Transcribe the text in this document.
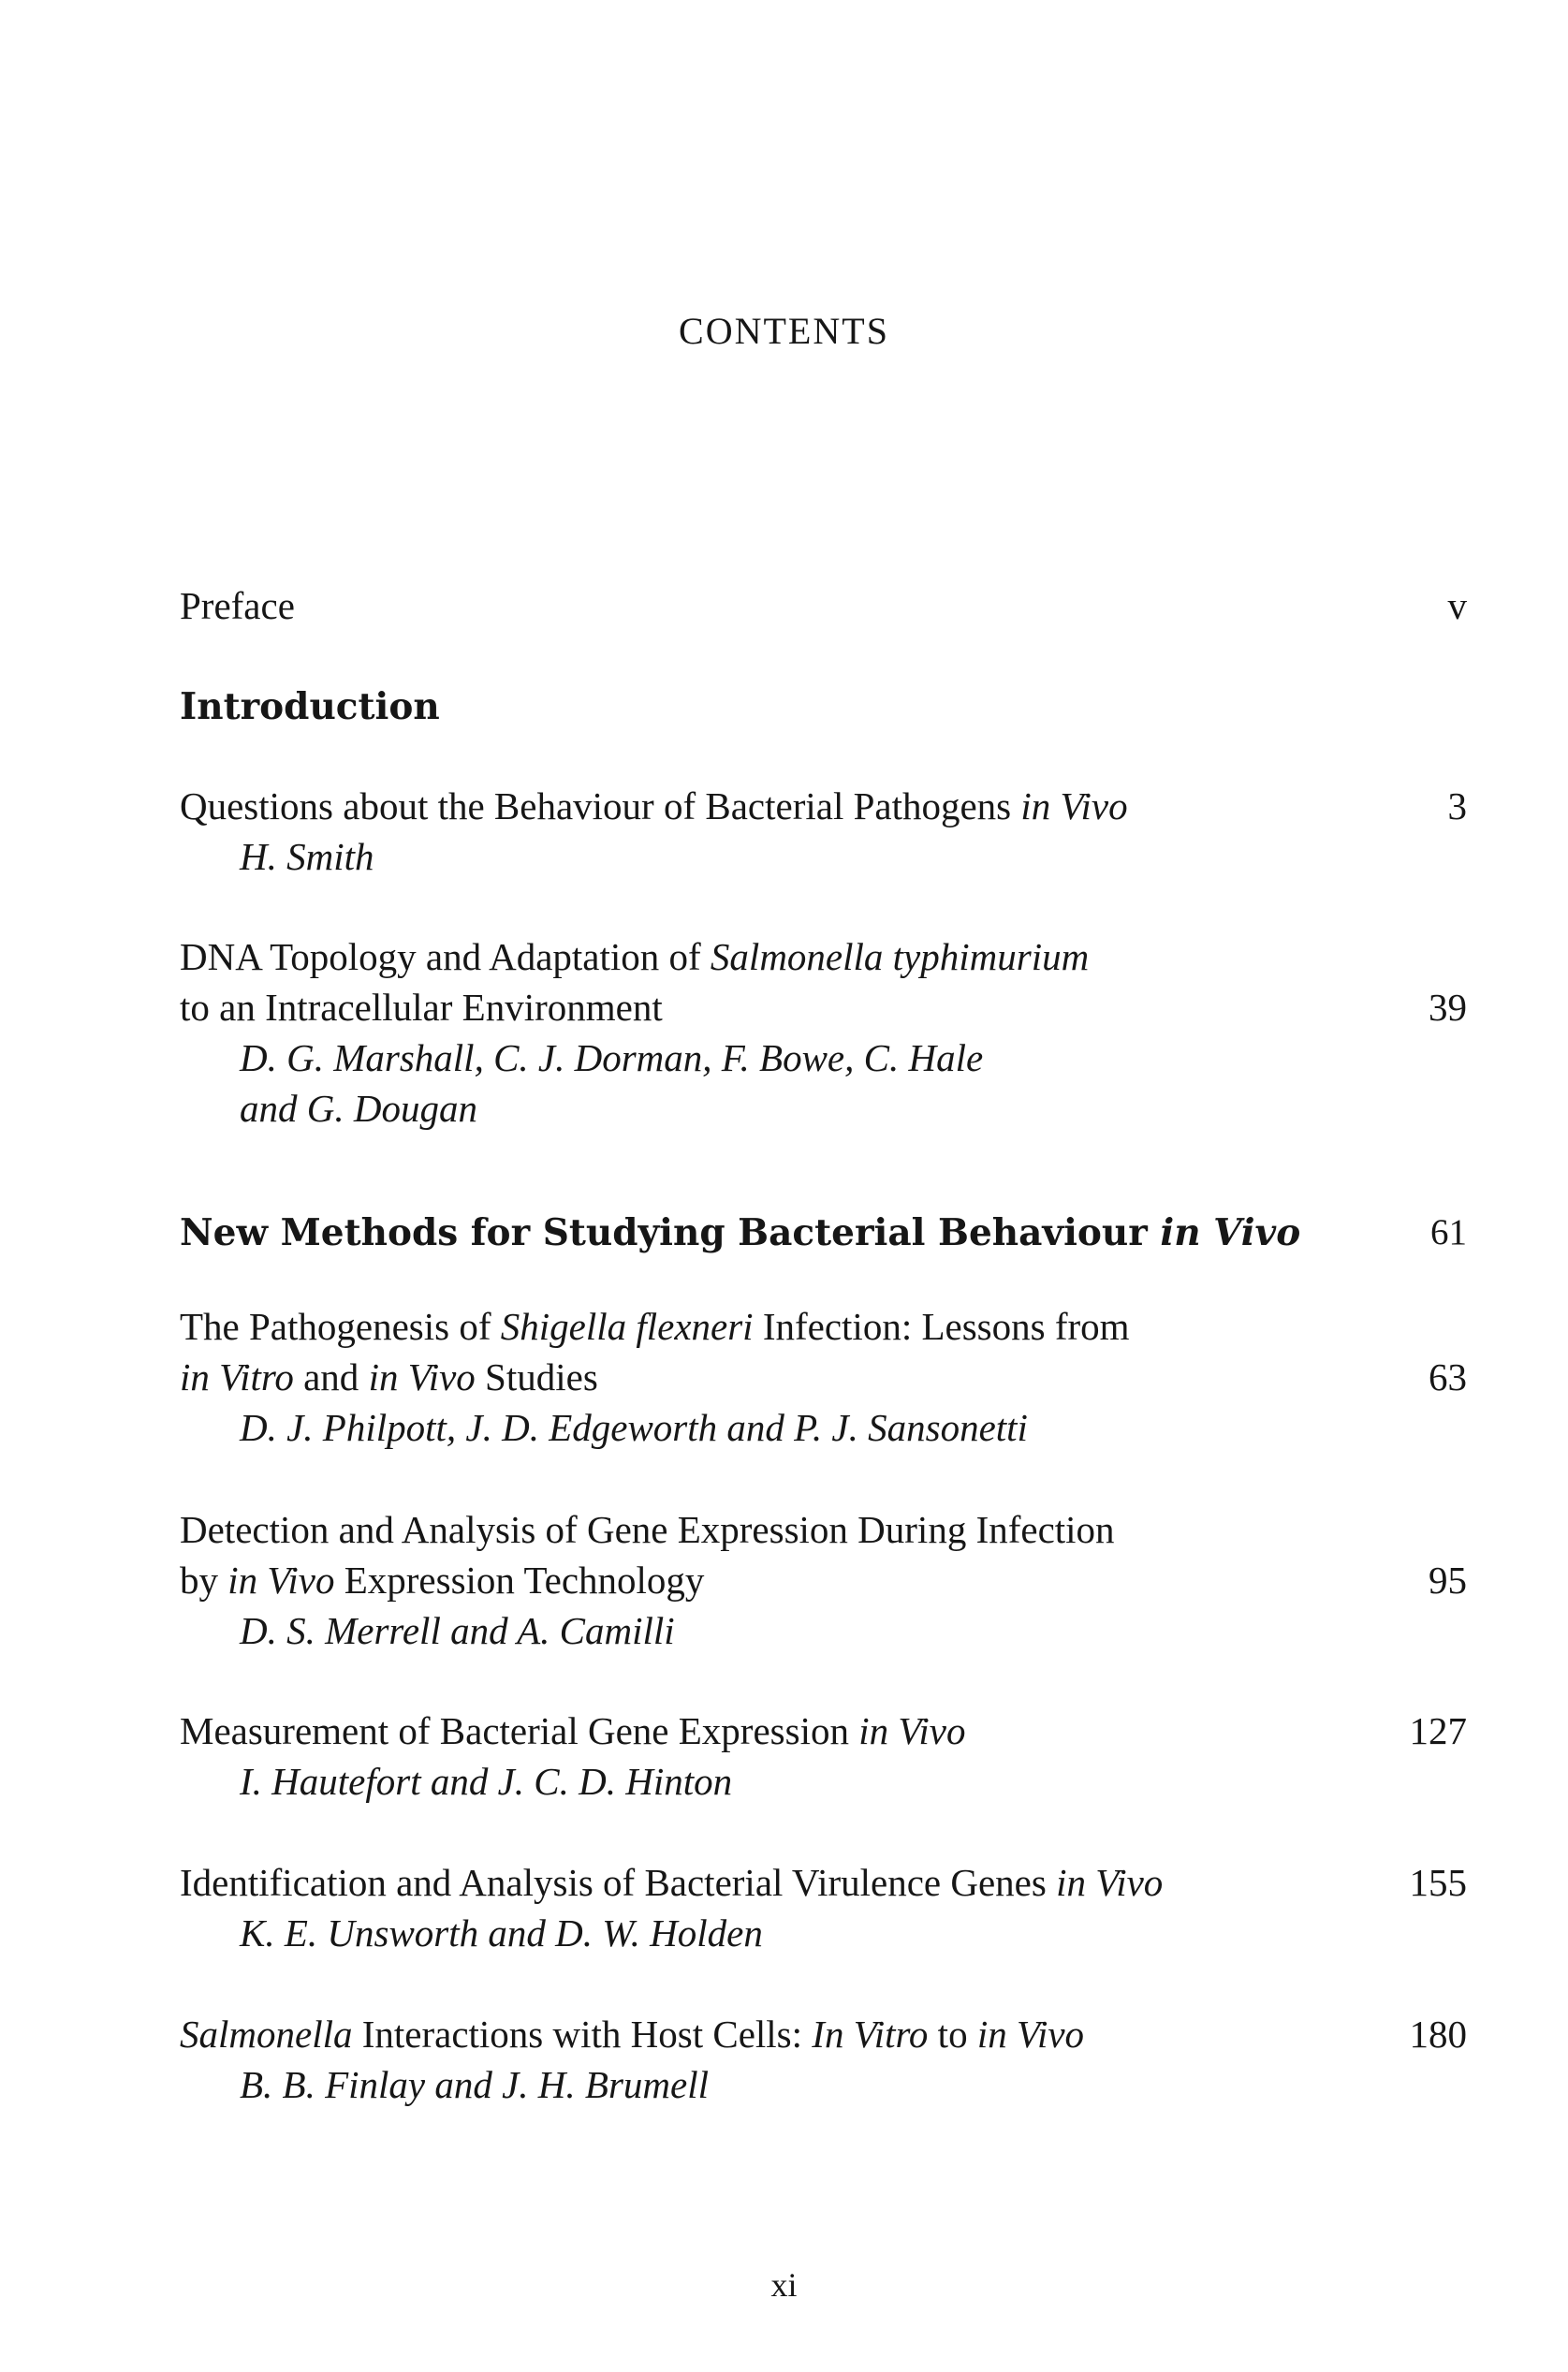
CONTENTS
Preface	v
Introduction
Questions about the Behaviour of Bacterial Pathogens in Vivo	3
H. Smith
DNA Topology and Adaptation of Salmonella typhimurium
to an Intracellular Environment	39
D. G. Marshall, C. J. Dorman, F. Bowe, C. Hale
and G. Dougan
New Methods for Studying Bacterial Behaviour in Vivo	61
The Pathogenesis of Shigella flexneri Infection: Lessons from
in Vitro and in Vivo Studies	63
D. J. Philpott, J. D. Edgeworth and P. J. Sansonetti
Detection and Analysis of Gene Expression During Infection
by in Vivo Expression Technology	95
D. S. Merrell and A. Camilli
Measurement of Bacterial Gene Expression in Vivo	127
I. Hautefort and J. C. D. Hinton
Identification and Analysis of Bacterial Virulence Genes in Vivo	155
K. E. Unsworth and D. W. Holden
Salmonella Interactions with Host Cells: In Vitro to in Vivo	180
B. B. Finlay and J. H. Brumell
xi
